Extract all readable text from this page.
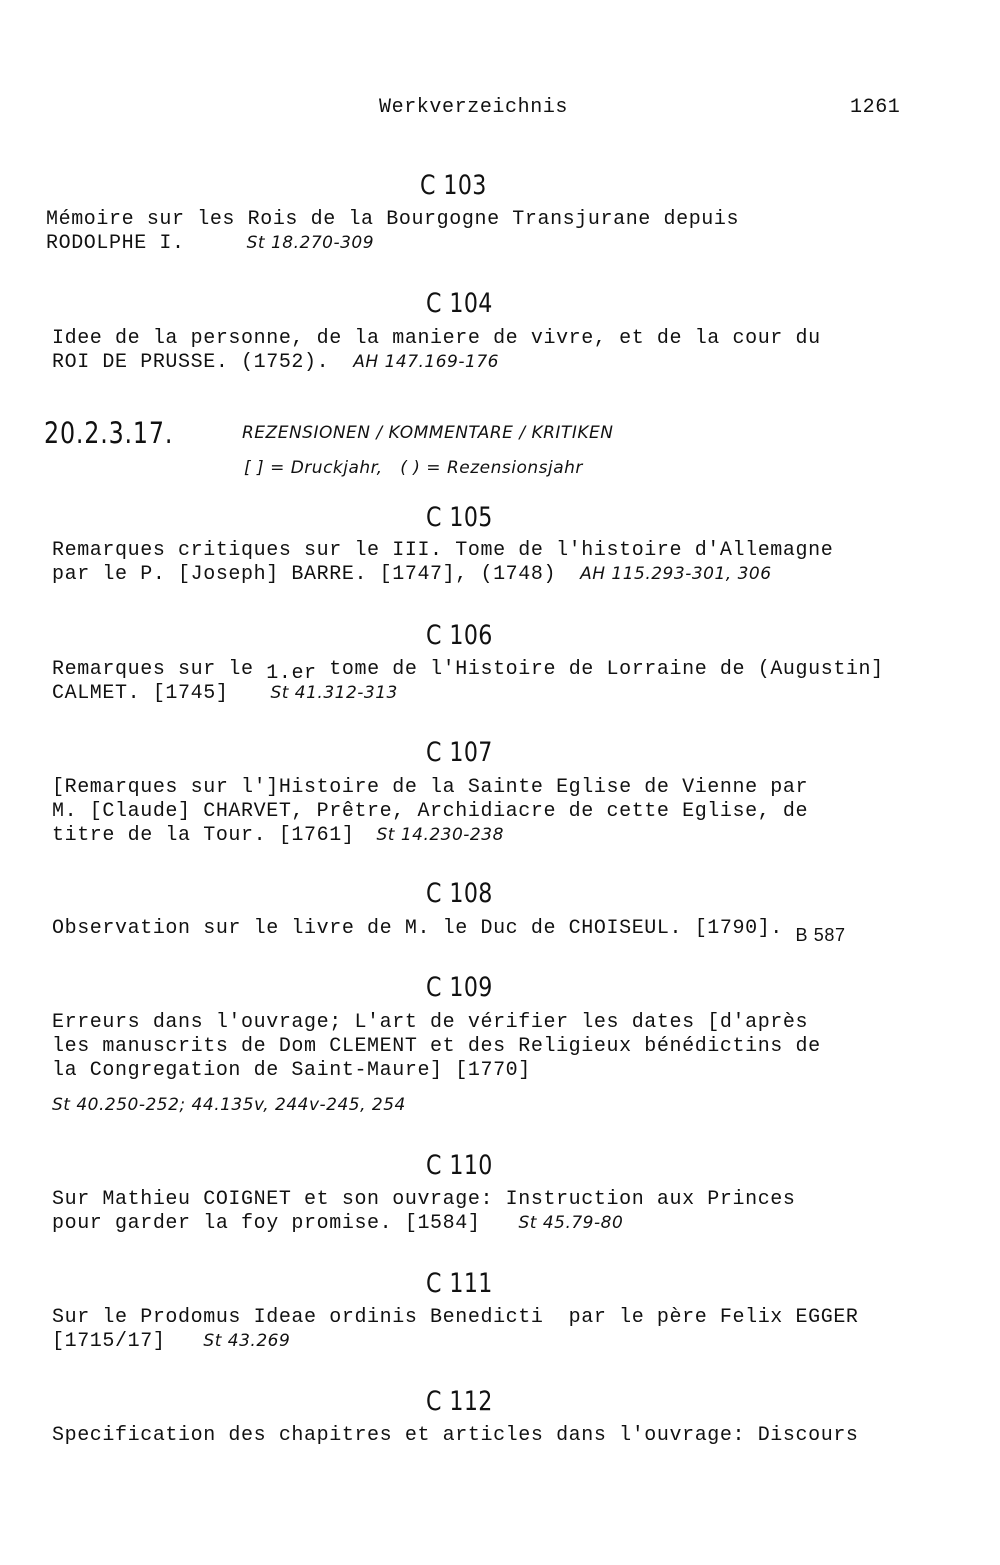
Werkverzeichnis	1261
C 103
Mémoire sur les Rois de la Bourgogne Transjurane depuis
RODOLPHE I.	St 18.270-309
C 104
Idee de la personne, de la maniere de vivre, et de la cour du
ROI DE PRUSSE. (1752). AH 147.169-176
20.2.3.17.	REZENSIONEN / KOMMENTARE / KRITIKEN
[ ] = Druckjahr,   ( ) = Rezensionsjahr
C 105
Remarques critiques sur le III. Tome de l'histoire d'Allemagne
par le P. [Joseph] BARRE. [1747], (1748) AH 115.293-301, 306
C 106
Remarques sur le 1.er tome de l'Histoire de Lorraine de (Augustin]
CALMET. [1745] St 41.312-313
C 107
[Remarques sur l']Histoire de la Sainte Eglise de Vienne par
M. [Claude] CHARVET, Prêtre, Archidiacre de cette Eglise, de
titre de la Tour. [1761] St 14.230-238
C 108
Observation sur le livre de M. le Duc de CHOISEUL. [1790]. B 587
C 109
Erreurs dans l'ouvrage; L'art de vérifier les dates [d'après
les manuscrits de Dom CLEMENT et des Religieux bénédictins de
la Congregation de Saint-Maure] [1770]
St 40.250-252; 44.135v, 244v-245, 254
C 110
Sur Mathieu COIGNET et son ouvrage: Instruction aux Princes
pour garder la foy promise. [1584] St 45.79-80
C 111
Sur le Prodomus Ideae ordinis Benedicti  par le père Felix EGGER
[1715/17] St 43.269
C 112
Specification des chapitres et articles dans l'ouvrage: Discours
